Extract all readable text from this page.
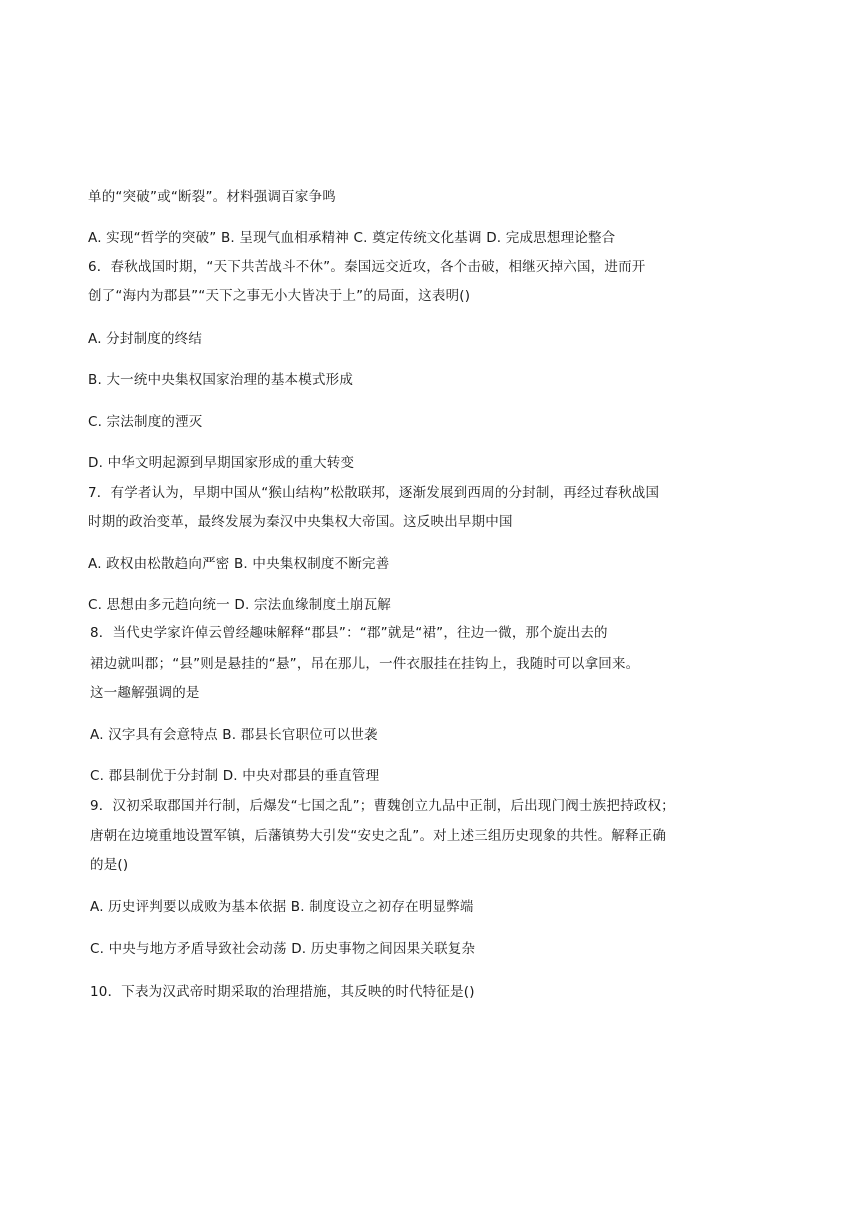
单的“突破”或“断裂”。材料强调百家争鸣
A. 实现“哲学的突破” B. 呈现气血相承精神 C. 奠定传统文化基调 D. 完成思想理论整合
6．春秋战国时期，“天下共苦战斗不休”。秦国远交近攻，各个击破，相继灭掉六国，进而开
创了“海内为郡县”“天下之事无小大皆决于上”的局面，这表明()
A. 分封制度的终结
B. 大一统中央集权国家治理的基本模式形成
C. 宗法制度的湮灭
D. 中华文明起源到早期国家形成的重大转变
7．有学者认为，早期中国从“猴山结构”松散联邦，逐渐发展到西周的分封制，再经过春秋战国
时期的政治变革，最终发展为秦汉中央集权大帝国。这反映出早期中国
A. 政权由松散趋向严密 B. 中央集权制度不断完善
C. 思想由多元趋向统一 D. 宗法血缘制度土崩瓦解
8．当代史学家许倬云曾经趣味解释“郡县”：“郡”就是“裙”，往边一微，那个旋出去的
裙边就叫郡；“县”则是悬挂的“悬”，吊在那儿，一件衣服挂在挂钩上，我随时可以拿回来。
这一趣解强调的是
A. 汉字具有会意特点 B. 郡县长官职位可以世袭
C. 郡县制优于分封制 D. 中央对郡县的垂直管理
9．汉初采取郡国并行制，后爆发“七国之乱”；曹魏创立九品中正制，后出现门阀士族把持政权；
唐朝在边境重地设置军镇，后藩镇势大引发“安史之乱”。对上述三组历史现象的共性。解释正确
的是()
A. 历史评判要以成败为基本依据 B. 制度设立之初存在明显弊端
C. 中央与地方矛盾导致社会动荡 D. 历史事物之间因果关联复杂
10．下表为汉武帝时期采取的治理措施，其反映的时代特征是()
